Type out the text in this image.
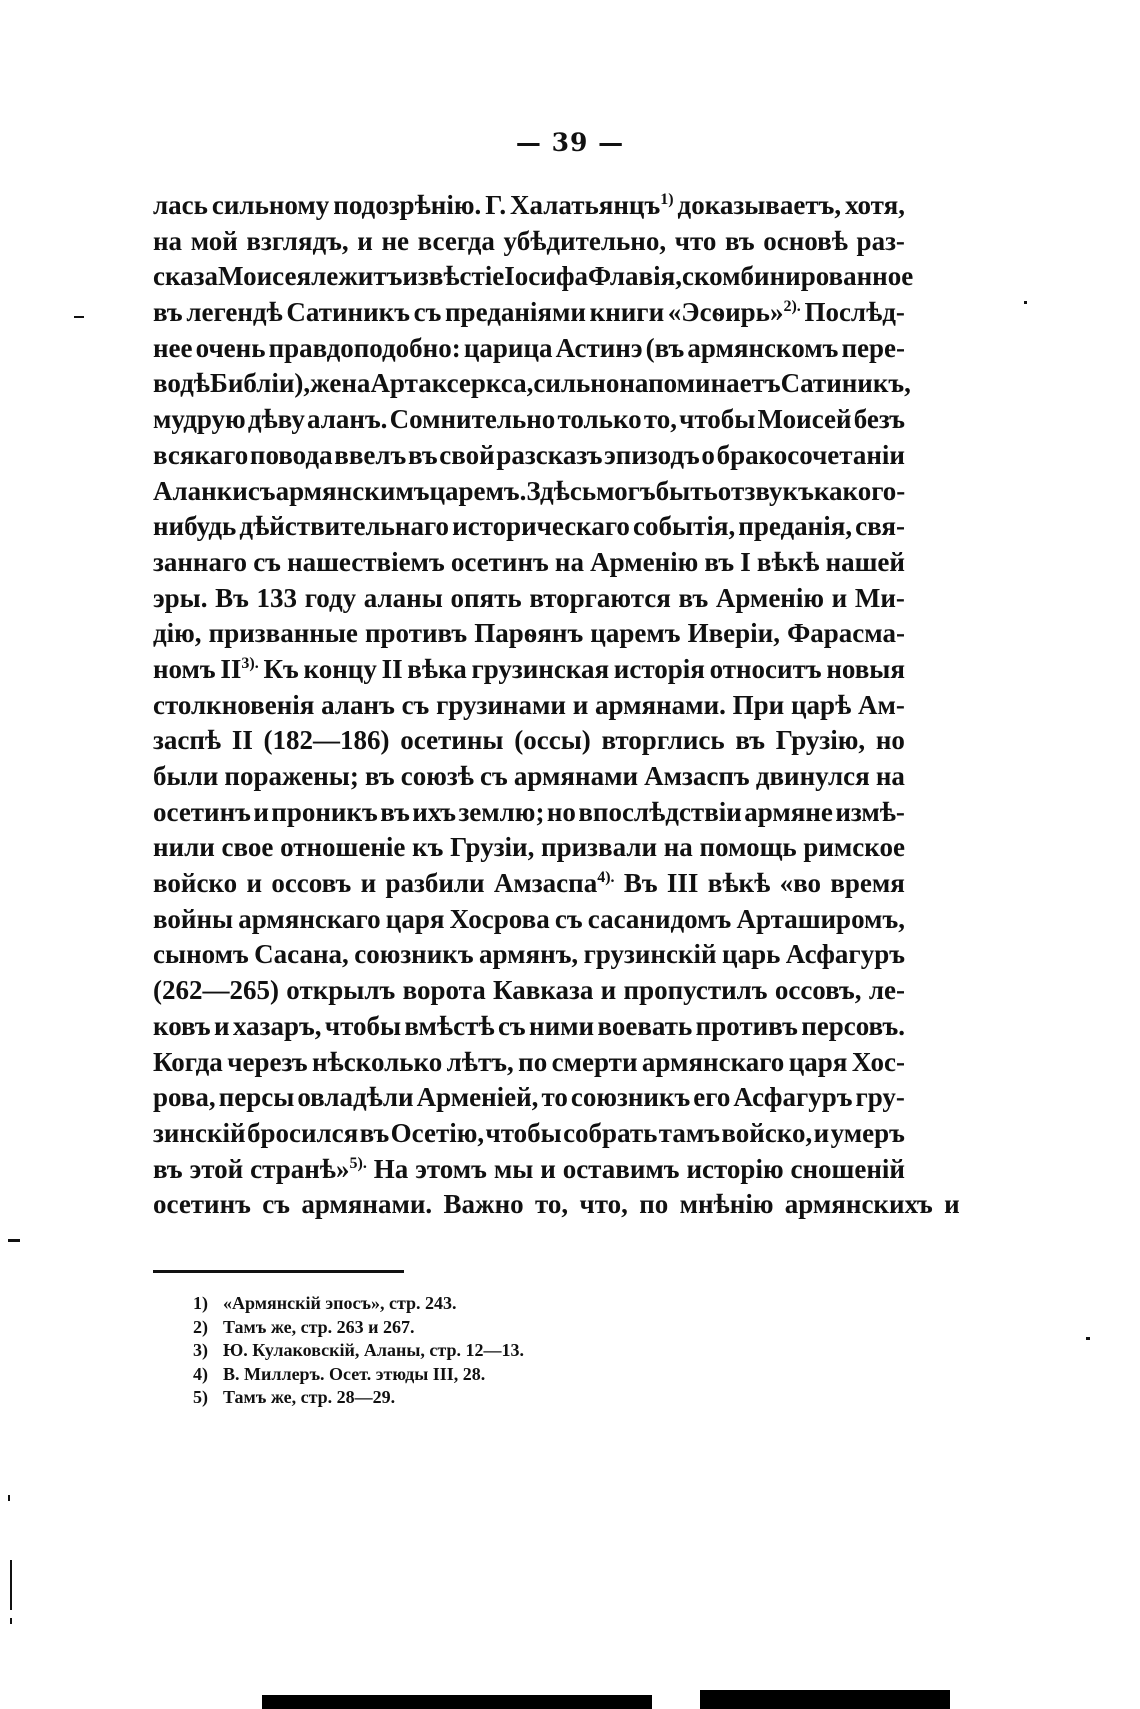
— 39 —
лась сильному подозрѣнію. Г. Халатьянцъ$^{1)}$ доказываетъ, хотя,
на мой взглядъ, и не всегда убѣдительно, что въ основѣ раз-
сказа Моисея лежитъ извѣстіе Іосифа Флавія, скомбинированное
въ легендѣ Сатиникъ съ преданіями книги «Эсѳирь»$^{2).}$ Послѣд-
нее очень правдоподобно: царица Астинэ (въ армянскомъ пере-
водѣ Библіи), жена Артаксеркса, сильно напоминаетъ Сатиникъ,
мудрую дѣву аланъ. Сомнительно только то, чтобы Моисей безъ
всякаго повода ввелъ въ свой разсказъ эпизодъ о бракосочетаніи
Аланки съ армянскимъ царемъ. Здѣсь могъ быть отзвукъ какого-
нибудь дѣйствительнаго историческаго событія, преданія, свя-
заннаго съ нашествіемъ осетинъ на Арменію въ I вѣкѣ нашей
эры. Въ 133 году аланы опять вторгаются въ Арменію и Ми-
дію, призванные противъ Парѳянъ царемъ Иверіи, Фарасма-
номъ $II^{3).}$ Къ концу II вѣка грузинская исторія относитъ новыя
столкновенія аланъ съ грузинами и армянами. При царѣ Ам-
заспѣ II (182—186) осетины (оссы) вторглись въ Грузію, но
были поражены; въ союзѣ съ армянами Амзаспъ двинулся на
осетинъ и проникъ въ ихъ землю; но впослѣдствіи армяне измѣ-
нили свое отношеніе къ Грузіи, призвали на помощь римское
войско и оссовъ и разбили Амзаспа$^{4).}$ Въ III вѣкѣ «во время
войны армянскаго царя Хосрова съ сасанидомъ Арташиромъ,
сыномъ Сасана, союзникъ армянъ, грузинскій царь Асфагуръ
(262—265) открылъ ворота Кавказа и пропустилъ оссовъ, ле-
ковъ и хазаръ, чтобы вмѣстѣ съ ними воевать противъ персовъ.
Когда черезъ нѣсколько лѣтъ, по смерти армянскаго царя Хос-
рова, персы овладѣли Арменіей, то союзникъ его Асфагуръ гру-
зинскій бросился въ Осетію, чтобы собрать тамъ войско, и умеръ
въ этой странѣ»$^{5).}$ На этомъ мы и оставимъ исторію сношеній
осетинъ съ армянами. Важно то, что, по мнѣнію армянскихъ и
1) «Армянскій эпосъ», стр. 243.
2) Тамъ же, стр. 263 и 267.
3) Ю. Кулаковскій, Аланы, стр. 12—13.
4) В. Миллеръ. Осет. этюды III, 28.
5) Тамъ же, стр. 28—29.
